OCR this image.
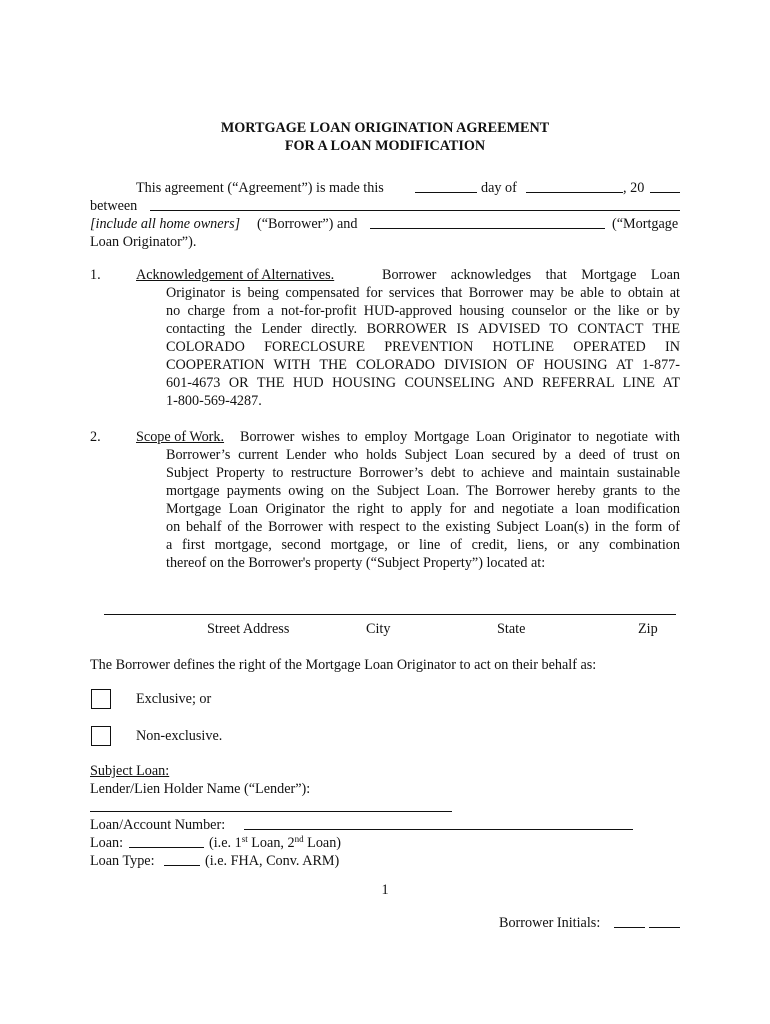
MORTGAGE LOAN ORIGINATION AGREEMENT
FOR A LOAN MODIFICATION
This agreement (“Agreement”) is made this	day of	, 20
between
[include all home owners] (“Borrower”) and	(“Mortgage
Loan Originator”).
1. Acknowledgement of Alternatives.	Borrower acknowledges that Mortgage Loan
Originator is being compensated for services that Borrower may be able to obtain at
no charge from a not-for-profit HUD-approved housing counselor or the like or by
contacting the Lender directly. BORROWER IS ADVISED TO CONTACT THE
COLORADO FORECLOSURE PREVENTION HOTLINE OPERATED IN
COOPERATION WITH THE COLORADO DIVISION OF HOUSING AT 1-877-
601-4673 OR THE HUD HOUSING COUNSELING AND REFERRAL LINE AT
1-800-569-4287.
2. Scope of Work. Borrower wishes to employ Mortgage Loan Originator to negotiate with
Borrower’s current Lender who holds Subject Loan secured by a deed of trust on
Subject Property to restructure Borrower’s debt to achieve and maintain sustainable
mortgage payments owing on the Subject Loan. The Borrower hereby grants to the
Mortgage Loan Originator the right to apply for and negotiate a loan modification
on behalf of the Borrower with respect to the existing Subject Loan(s) in the form of
a first mortgage, second mortgage, or line of credit, liens, or any combination
thereof on the Borrower's property (“Subject Property”) located at:
Street Address	City	State	Zip
The Borrower defines the right of the Mortgage Loan Originator to act on their behalf as:
Exclusive; or
Non-exclusive.
Subject Loan:
Lender/Lien Holder Name (“Lender”):
Loan/Account Number:
Loan:	(i.e. 1st Loan, 2nd Loan)
Loan Type:	(i.e. FHA, Conv. ARM)
1
Borrower Initials:
